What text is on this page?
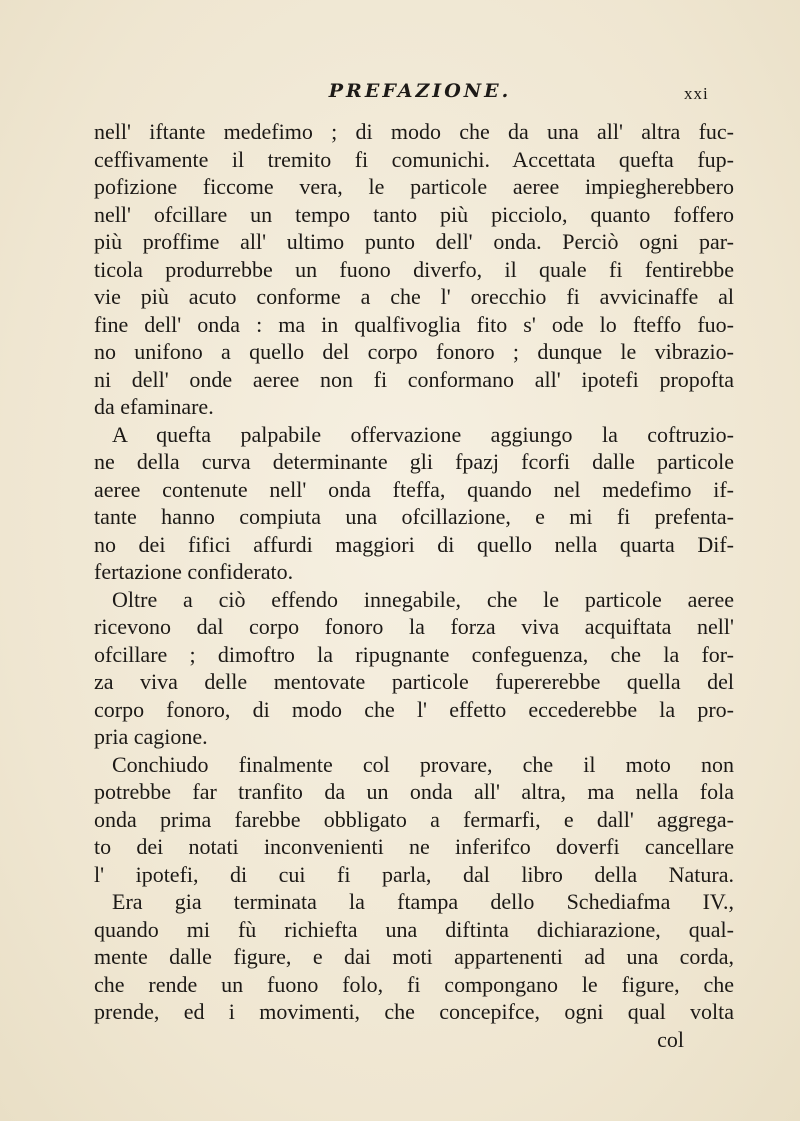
PREFAZIONE.	xxi
nell' iftante medefimo ; di modo che da una all' altra fuc-
ceffivamente il tremito fi comunichi. Accettata quefta fup-
pofizione ficcome vera, le particole aeree impiegherebbero
nell' ofcillare un tempo tanto più picciolo, quanto foffero
più proffime all' ultimo punto dell' onda. Perciò ogni par-
ticola produrrebbe un fuono diverfo, il quale fi fentirebbe
vie più acuto conforme a che l' orecchio fi avvicinaffe al
fine dell' onda : ma in qualfivoglia fito s' ode lo fteffo fuo-
no unifono a quello del corpo fonoro ; dunque le vibrazio-
ni dell' onde aeree non fi conformano all' ipotefi propofta
da efaminare.
A quefta palpabile offervazione aggiungo la coftruzio-
ne della curva determinante gli fpazj fcorfi dalle particole
aeree contenute nell' onda fteffa, quando nel medefimo if-
tante hanno compiuta una ofcillazione, e mi fi prefenta-
no dei fifici affurdi maggiori di quello nella quarta Dif-
fertazione confiderato.
Oltre a ciò effendo innegabile, che le particole aeree
ricevono dal corpo fonoro la forza viva acquiftata nell'
ofcillare ; dimoftro la ripugnante confeguenza, che la for-
za viva delle mentovate particole fupererebbe quella del
corpo fonoro, di modo che l' effetto eccederebbe la pro-
pria cagione.
Conchiudo finalmente col provare, che il moto non
potrebbe far tranfito da un onda all' altra, ma nella fola
onda prima farebbe obbligato a fermarfi, e dall' aggrega-
to dei notati inconvenienti ne inferifco doverfi cancellare
l' ipotefi, di cui fi parla, dal libro della Natura.
Era gia terminata la ftampa dello Schediafma IV.,
quando mi fù richiefta una diftinta dichiarazione, qual-
mente dalle figure, e dai moti appartenenti ad una corda,
che rende un fuono folo, fi compongano le figure, che
prende, ed i movimenti, che concepifce, ogni qual volta
col
